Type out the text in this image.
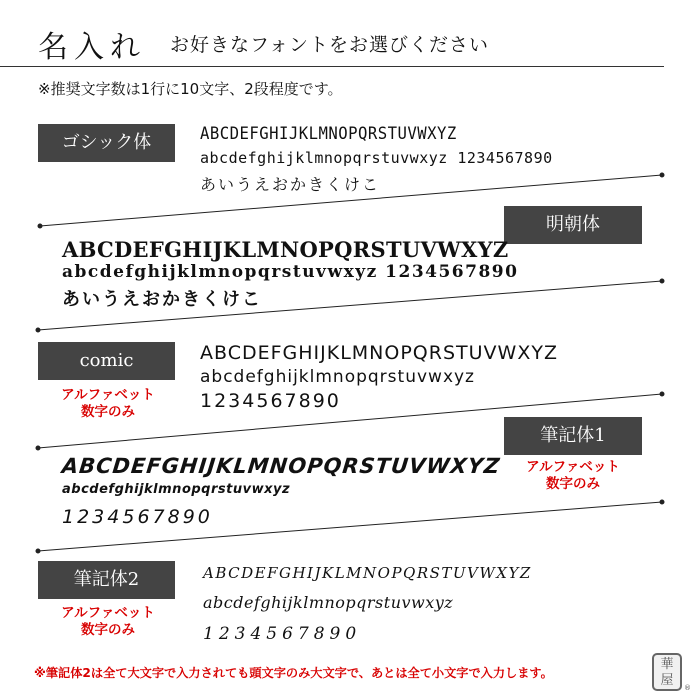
名入れ お好きなフォントをお選びください
※推奨文字数は1行に10文字、2段程度です。
ゴシック体	ABCDEFGHIJKLMNOPQRSTUVWXYZ
abcdefghijklmnopqrstuvwxyz 1234567890
あいうえおかきくけこ
明朝体
ABCDEFGHIJKLMNOPQRSTUVWXYZ
abcdefghijklmnopqrstuvwxyz 1234567890
あいうえおかきくけこ
comic
アルファベット
数字のみ
ABCDEFGHIJKLMNOPQRSTUVWXYZ
abcdefghijklmnopqrstuvwxyz
1234567890
筆記体1
アルファベット
数字のみ
ABCDEFGHIJKLMNOPQRSTUVWXYZ
abcdefghijklmnopqrstuvwxyz
1234567890
筆記体2
アルファベット
数字のみ
ABCDEFGHIJKLMNOPQRSTUVWXYZ
abcdefghijklmnopqrstuvwxyz
1234567890
※筆記体2は全て大文字で入力されても頭文字のみ大文字で、あとは全て小文字で入力します。
華屋	®
